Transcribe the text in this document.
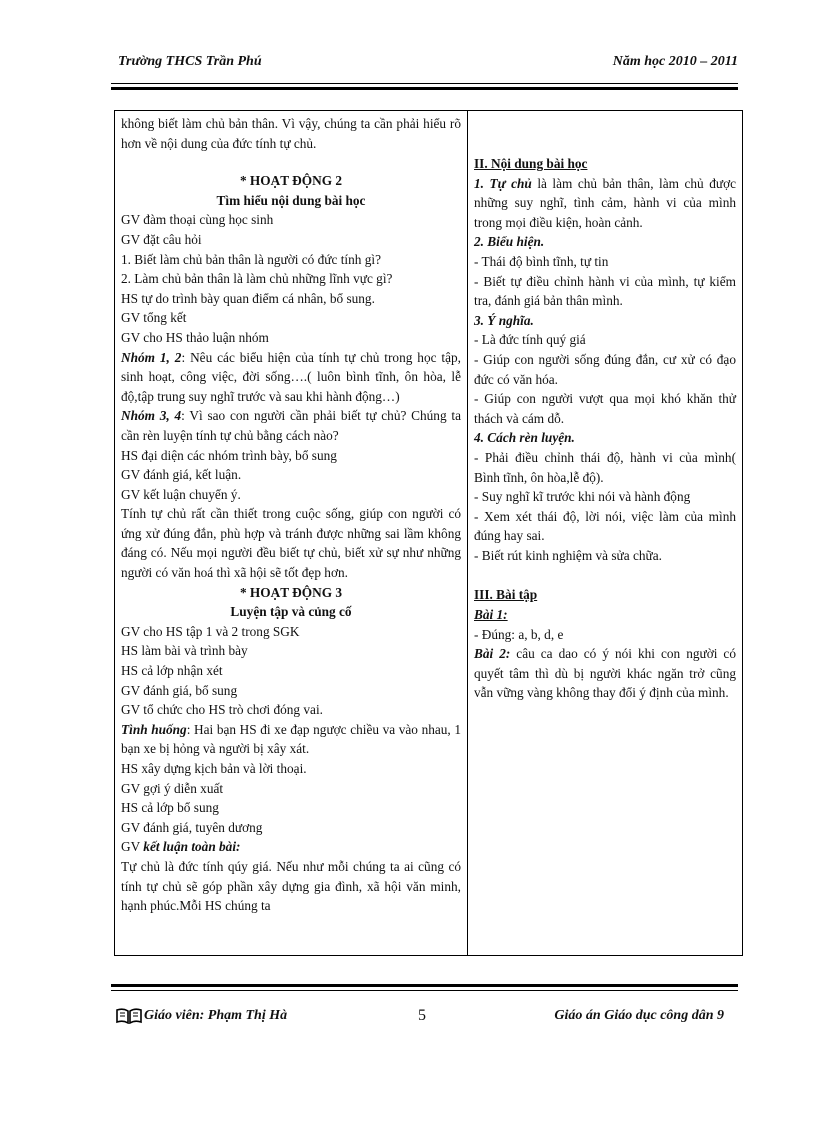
Trường THCS Trần Phú	Năm học 2010 – 2011

không biết làm chủ bản thân. Vì vậy, chúng ta cần phải hiểu rõ hơn về nội dung của đức tính tự chủ.

* HOẠT ĐỘNG 2

Tìm hiểu nội dung bài học

GV đàm thoại cùng học sinh

GV đặt câu hỏi

1. Biết làm chủ bản thân là người có đức tính gì?

2. Làm chủ bản thân là làm chủ những lĩnh vực gì?

HS tự do trình bày quan điểm cá nhân, bổ sung.

GV tổng kết

GV cho HS thảo luận nhóm

Nhóm 1, 2: Nêu các biểu hiện của tính tự chủ trong học tập, sinh hoạt, công việc, đời sống….( luôn bình tĩnh, ôn hòa, lễ độ,tập trung suy nghĩ trước và sau khi hành động…)

Nhóm 3, 4: Vì sao con người cần phải biết tự chủ? Chúng ta cần rèn luyện tính tự chủ bằng cách nào?

HS đại diện các nhóm trình bày, bổ sung

GV đánh giá, kết luận.

GV kết luận chuyển ý.

Tính tự chủ rất cần thiết trong cuộc sống, giúp con người có ứng xử đúng đắn, phù hợp và tránh được những sai lầm không đáng có. Nếu mọi người đều biết tự chủ, biết xử sự như những người có văn hoá thì xã hội sẽ tốt đẹp hơn.

* HOẠT ĐỘNG 3

Luyện tập và củng cố

GV cho HS tập 1 và 2 trong SGK

HS làm bài và trình bày

HS cả lớp nhận xét

GV đánh giá, bổ sung

GV tổ chức cho HS trò chơi đóng vai.

Tình huống: Hai bạn HS đi xe đạp ngược chiều va vào nhau, 1 bạn xe bị hỏng và người bị xây xát.

HS xây dựng kịch bản và lời thoại.

GV gợi ý diễn xuất

HS cả lớp bổ sung

GV đánh giá, tuyên dương

GV kết luận toàn bài:

Tự chủ là đức tính qúy giá. Nếu như mỗi chúng ta ai cũng có tính tự chủ sẽ góp phần xây dựng gia đình, xã hội văn minh, hạnh phúc.Mỗi HS chúng ta

II. Nội dung bài học

1. Tự chủ là làm chủ bản thân, làm chủ được những suy nghĩ, tình cảm, hành vi của mình trong mọi điều kiện, hoàn cảnh.

2. Biểu hiện.

- Thái độ bình tĩnh, tự tin

- Biết tự điều chỉnh hành vi của mình, tự kiểm tra, đánh giá bản thân mình.

3. Ý nghĩa.

- Là đức tính quý giá

- Giúp con người sống đúng đắn, cư xử có đạo đức có văn hóa.

- Giúp con người vượt qua mọi khó khăn thử thách và cám dỗ.

4. Cách rèn luyện.

- Phải điều chỉnh thái độ, hành vi của mình( Bình tĩnh, ôn hòa,lễ độ).

- Suy nghĩ kĩ trước khi nói và hành động

- Xem xét thái độ, lời nói, việc làm của mình đúng hay sai.

- Biết rút kinh nghiệm và sửa chữa.

III. Bài tập

Bài 1:

- Đúng: a, b, d, e

Bài 2: câu ca dao có ý nói khi con người có quyết tâm thì dù bị người khác ngăn trở cũng vẫn vững vàng không thay đổi ý định của mình.

Giáo viên: Phạm Thị Hà	5	Giáo án Giáo dục công dân 9
